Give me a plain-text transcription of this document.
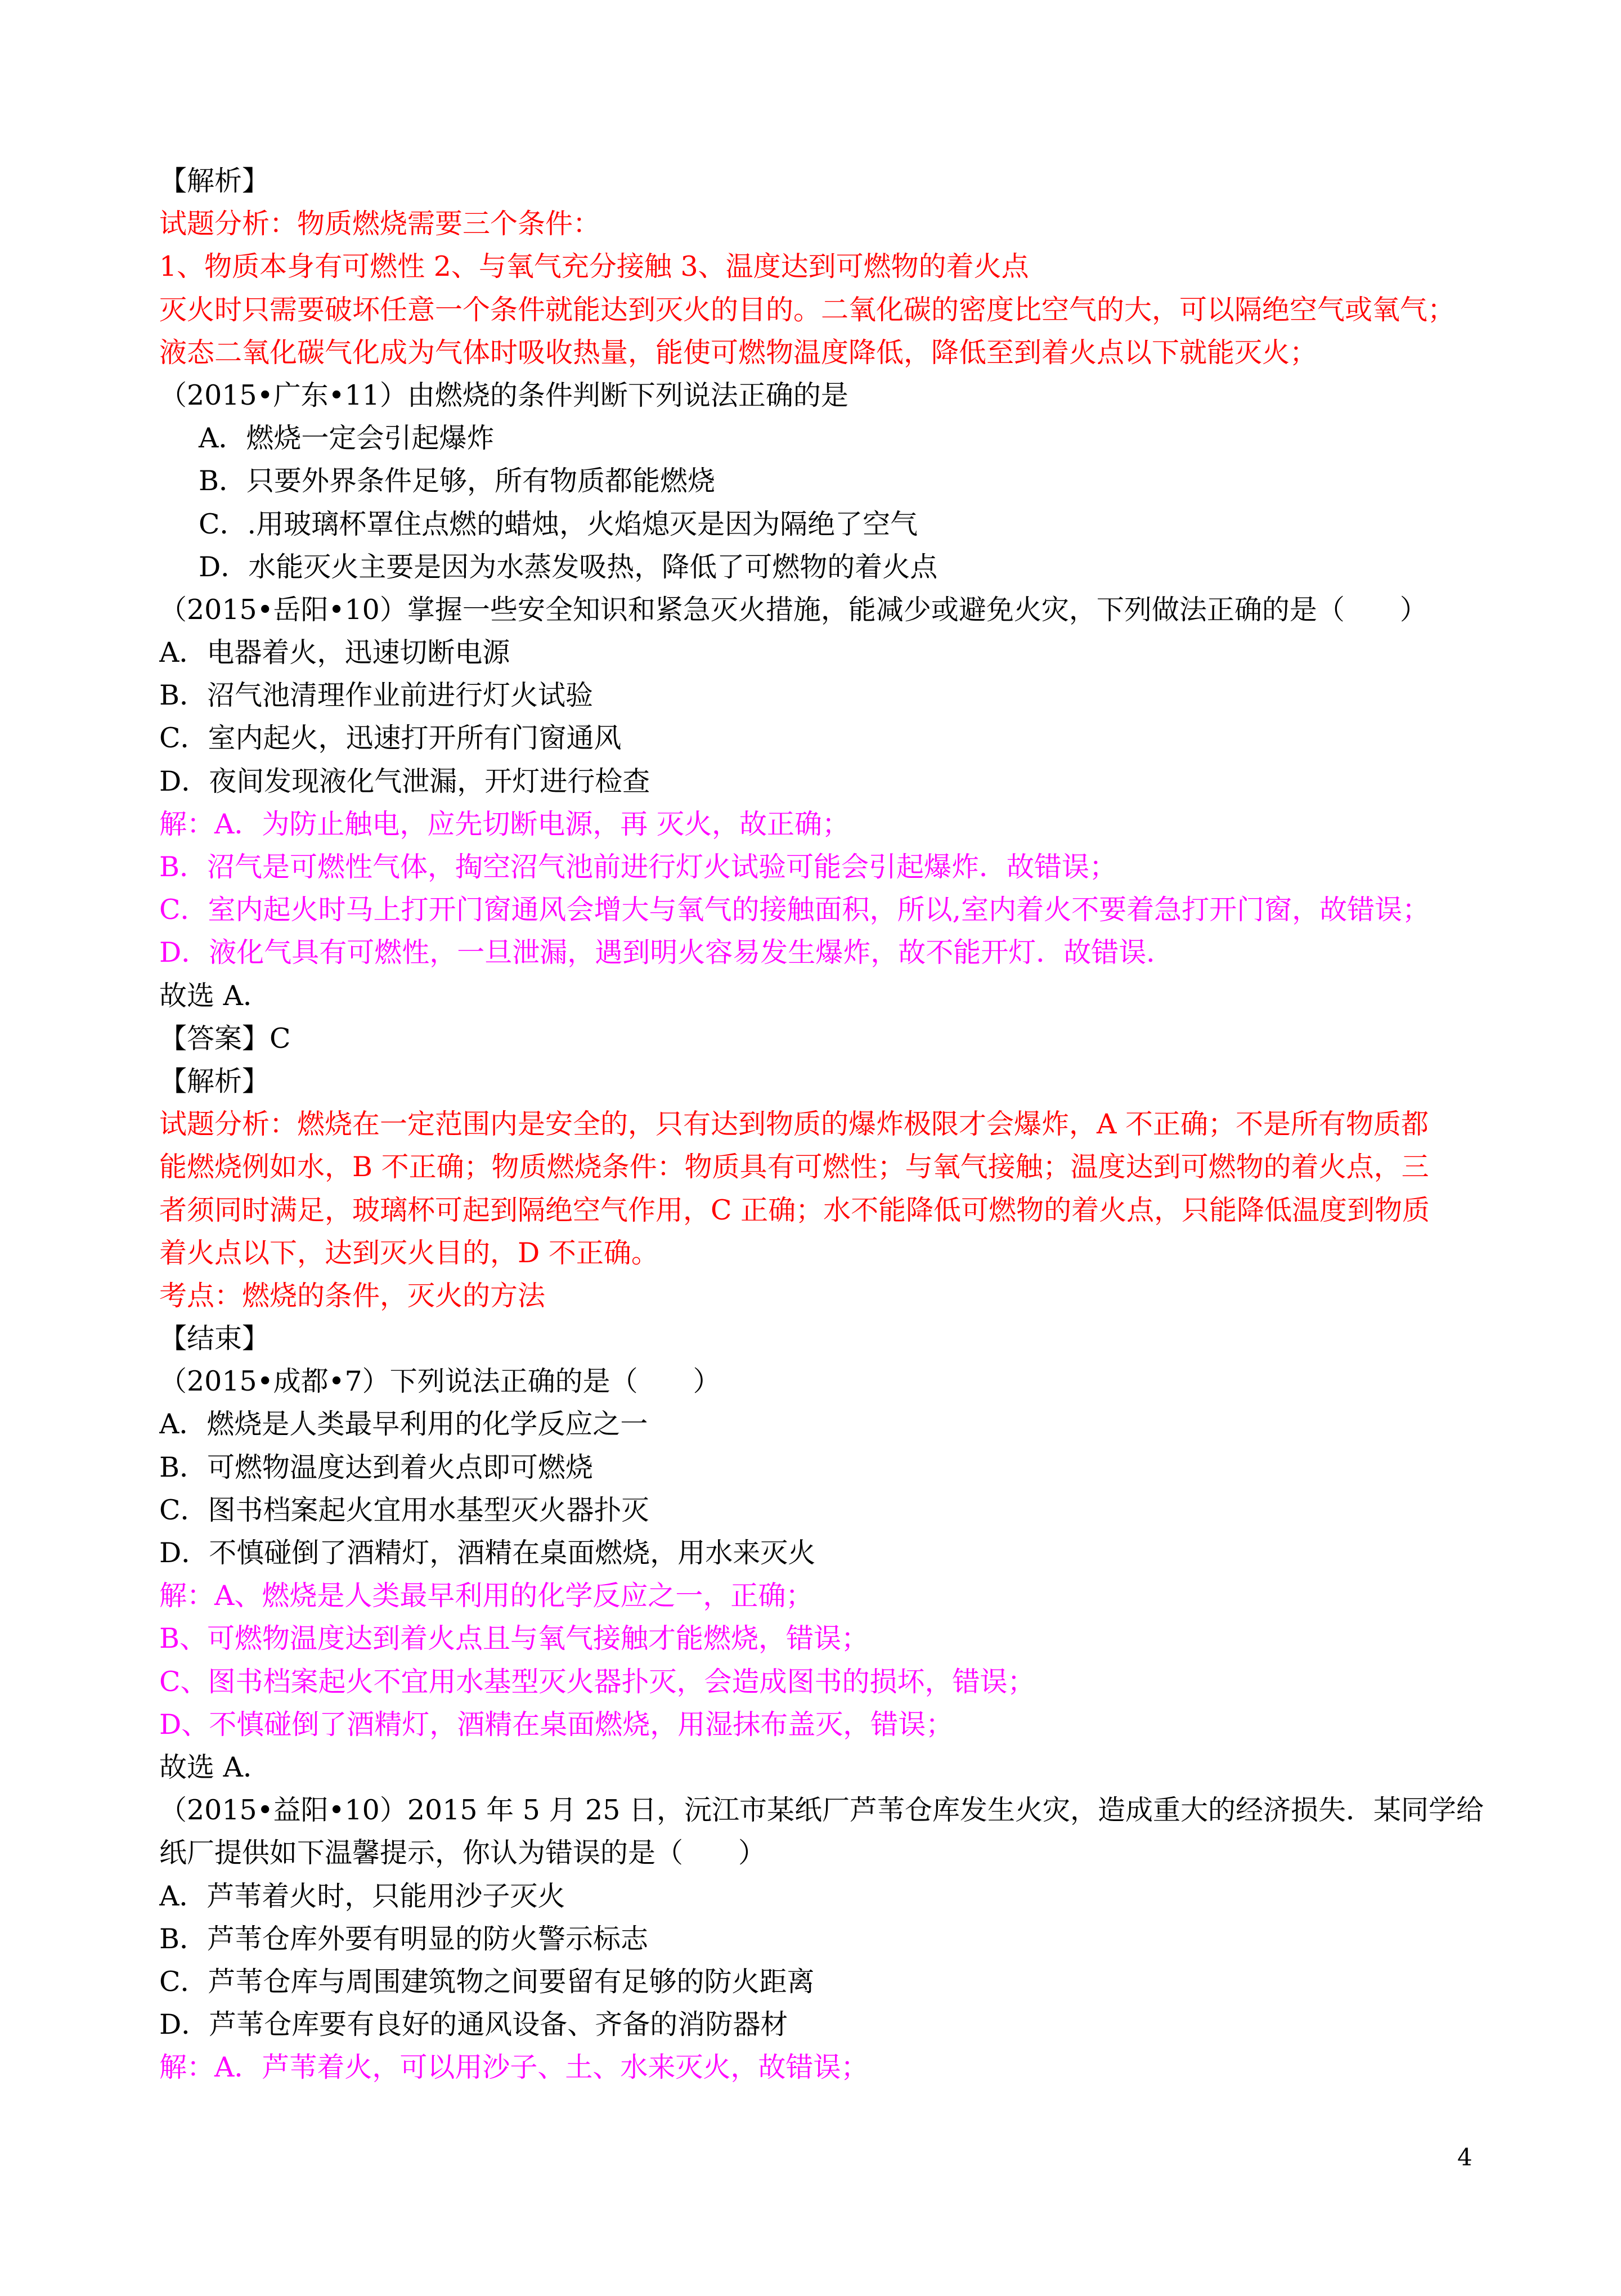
【解析】
试题分析：物质燃烧需要三个条件：
1、物质本身有可燃性 2、与氧气充分接触 3、温度达到可燃物的着火点
灭火时只需要破坏任意一个条件就能达到灭火的目的。二氧化碳的密度比空气的大，可以隔绝空气或氧气；
液态二氧化碳气化成为气体时吸收热量，能使可燃物温度降低，降低至到着火点以下就能灭火；
（2015•广东•11）由燃烧的条件判断下列说法正确的是
A．燃烧一定会引起爆炸
B．只要外界条件足够，所有物质都能燃烧
C．.用玻璃杯罩住点燃的蜡烛，火焰熄灭是因为隔绝了空气
D．水能灭火主要是因为水蒸发吸热，降低了可燃物的着火点
（2015•岳阳•10）掌握一些安全知识和紧急灭火措施，能减少或避免火灾，下列做法正确的是（　　）
A．电器着火，迅速切断电源
B．沼气池清理作业前进行灯火试验
C．室内起火，迅速打开所有门窗通风
D．夜间发现液化气泄漏，开灯进行检查
解：A．为防止触电，应先切断电源，再 灭火，故正确；
B．沼气是可燃性气体，掏空沼气池前进行灯火试验可能会引起爆炸．故错误；
C．室内起火时马上打开门窗通风会增大与氧气的接触面积，所以,室内着火不要着急打开门窗，故错误；
D．液化气具有可燃性，一旦泄漏，遇到明火容易发生爆炸，故不能开灯．故错误．
故选 A．
【答案】C
【解析】
试题分析：燃烧在一定范围内是安全的，只有达到物质的爆炸极限才会爆炸，A 不正确；不是所有物质都
能燃烧例如水，B 不正确；物质燃烧条件：物质具有可燃性；与氧气接触；温度达到可燃物的着火点，三
者须同时满足，玻璃杯可起到隔绝空气作用，C 正确；水不能降低可燃物的着火点，只能降低温度到物质
着火点以下，达到灭火目的，D 不正确。
考点：燃烧的条件，灭火的方法
【结束】
（2015•成都•7）下列说法正确的是（　　）
A．燃烧是人类最早利用的化学反应之一
B．可燃物温度达到着火点即可燃烧
C．图书档案起火宜用水基型灭火器扑灭
D．不慎碰倒了酒精灯，酒精在桌面燃烧，用水来灭火
解：A、燃烧是人类最早利用的化学反应之一，正确；
B、可燃物温度达到着火点且与氧气接触才能燃烧，错误；
C、图书档案起火不宜用水基型灭火器扑灭，会造成图书的损坏，错误；
D、不慎碰倒了酒精灯，酒精在桌面燃烧，用湿抹布盖灭，错误；
故选 A．
（2015•益阳•10）2015 年 5 月 25 日，沅江市某纸厂芦苇仓库发生火灾，造成重大的经济损失．某同学给
纸厂提供如下温馨提示，你认为错误的是（　　）
A．芦苇着火时，只能用沙子灭火
B．芦苇仓库外要有明显的防火警示标志
C．芦苇仓库与周围建筑物之间要留有足够的防火距离
D．芦苇仓库要有良好的通风设备、齐备的消防器材
解：A．芦苇着火，可以用沙子、土、水来灭火，故错误；
4
